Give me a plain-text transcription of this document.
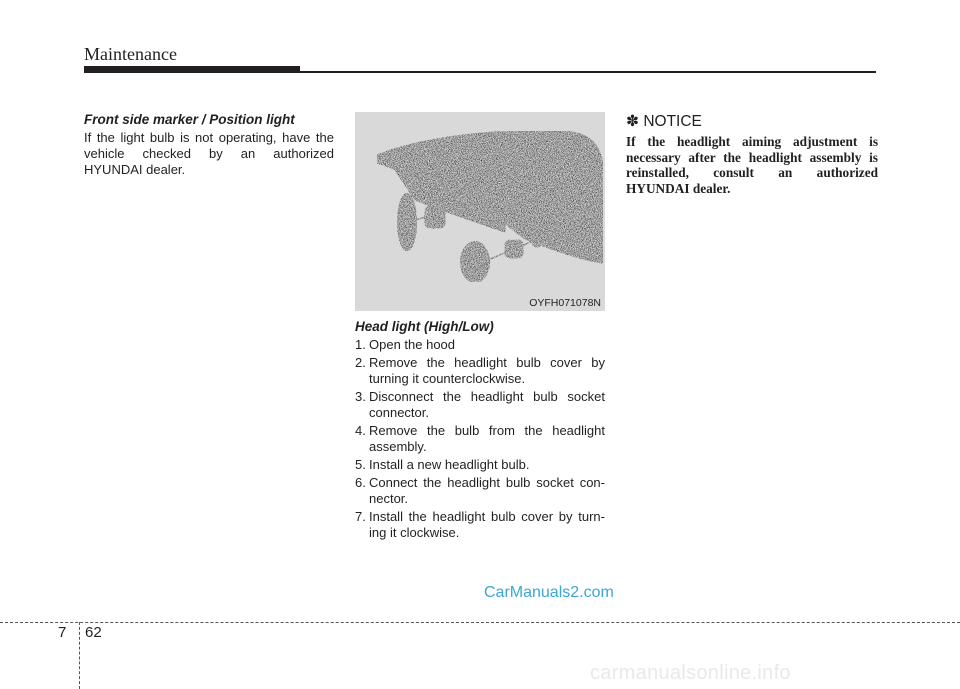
Maintenance

Front side marker / Position light

If the light bulb is not operating, have the vehicle checked by an authorized HYUNDAI dealer.

OYFH071078N

Head light (High/Low)

1. Open the hood
2. Remove the headlight bulb cover by turning it counterclockwise.
3. Disconnect the headlight bulb socket connector.
4. Remove the bulb from the headlight assembly.
5. Install a new headlight bulb.
6. Connect the headlight bulb socket con-nector.
7. Install the headlight bulb cover by turn-ing it clockwise.

✽ NOTICE

If the headlight aiming adjustment is necessary after the headlight assembly is reinstalled, consult an authorized HYUNDAI dealer.

CarManuals2.com
7 62
carmanualsonline.info
